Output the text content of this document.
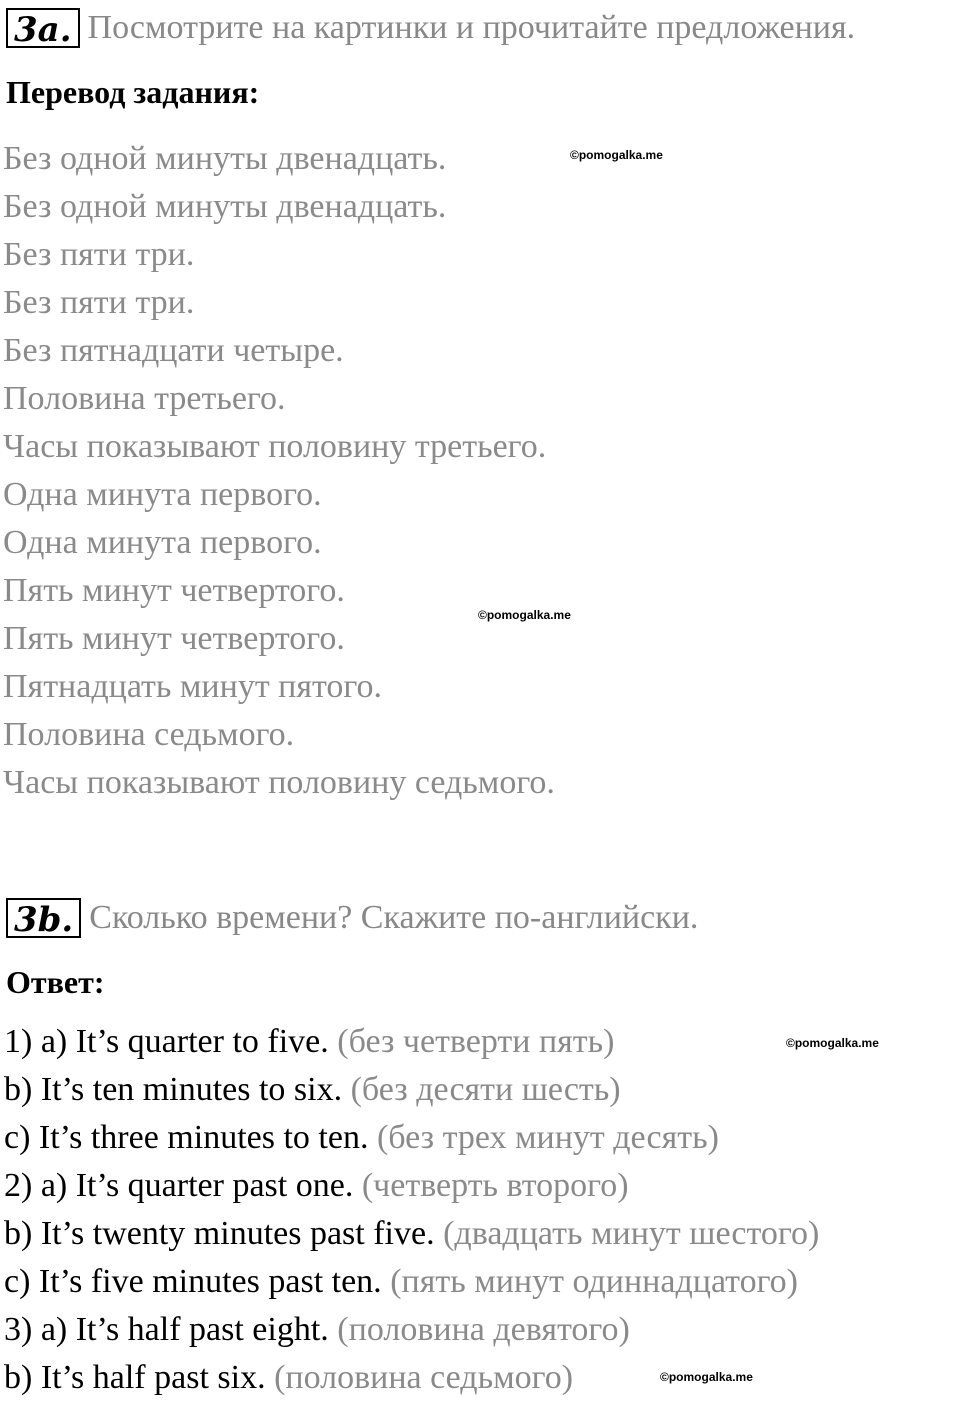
3a. Посмотрите на картинки и прочитайте предложения.
Перевод задания:
Без одной минуты двенадцать.
Без одной минуты двенадцать.
Без пяти три.
Без пяти три.
Без пятнадцати четыре.
Половина третьего.
Часы показывают половину третьего.
Одна минута первого.
Одна минута первого.
Пять минут четвертого.
Пять минут четвертого.
Пятнадцать минут пятого.
Половина седьмого.
Часы показывают половину седьмого.
3b. Сколько времени? Скажите по-английски.
Ответ:
1) a) It’s quarter to five. (без четверти пять)
b) It’s ten minutes to six. (без десяти шесть)
c) It’s three minutes to ten. (без трех минут десять)
2) a) It’s quarter past one. (четверть второго)
b) It’s twenty minutes past five. (двадцать минут шестого)
c) It’s five minutes past ten. (пять минут одиннадцатого)
3) a) It’s half past eight. (половина девятого)
b) It’s half past six. (половина седьмого)
©pomogalka.me
©pomogalka.me
©pomogalka.me
©pomogalka.me
